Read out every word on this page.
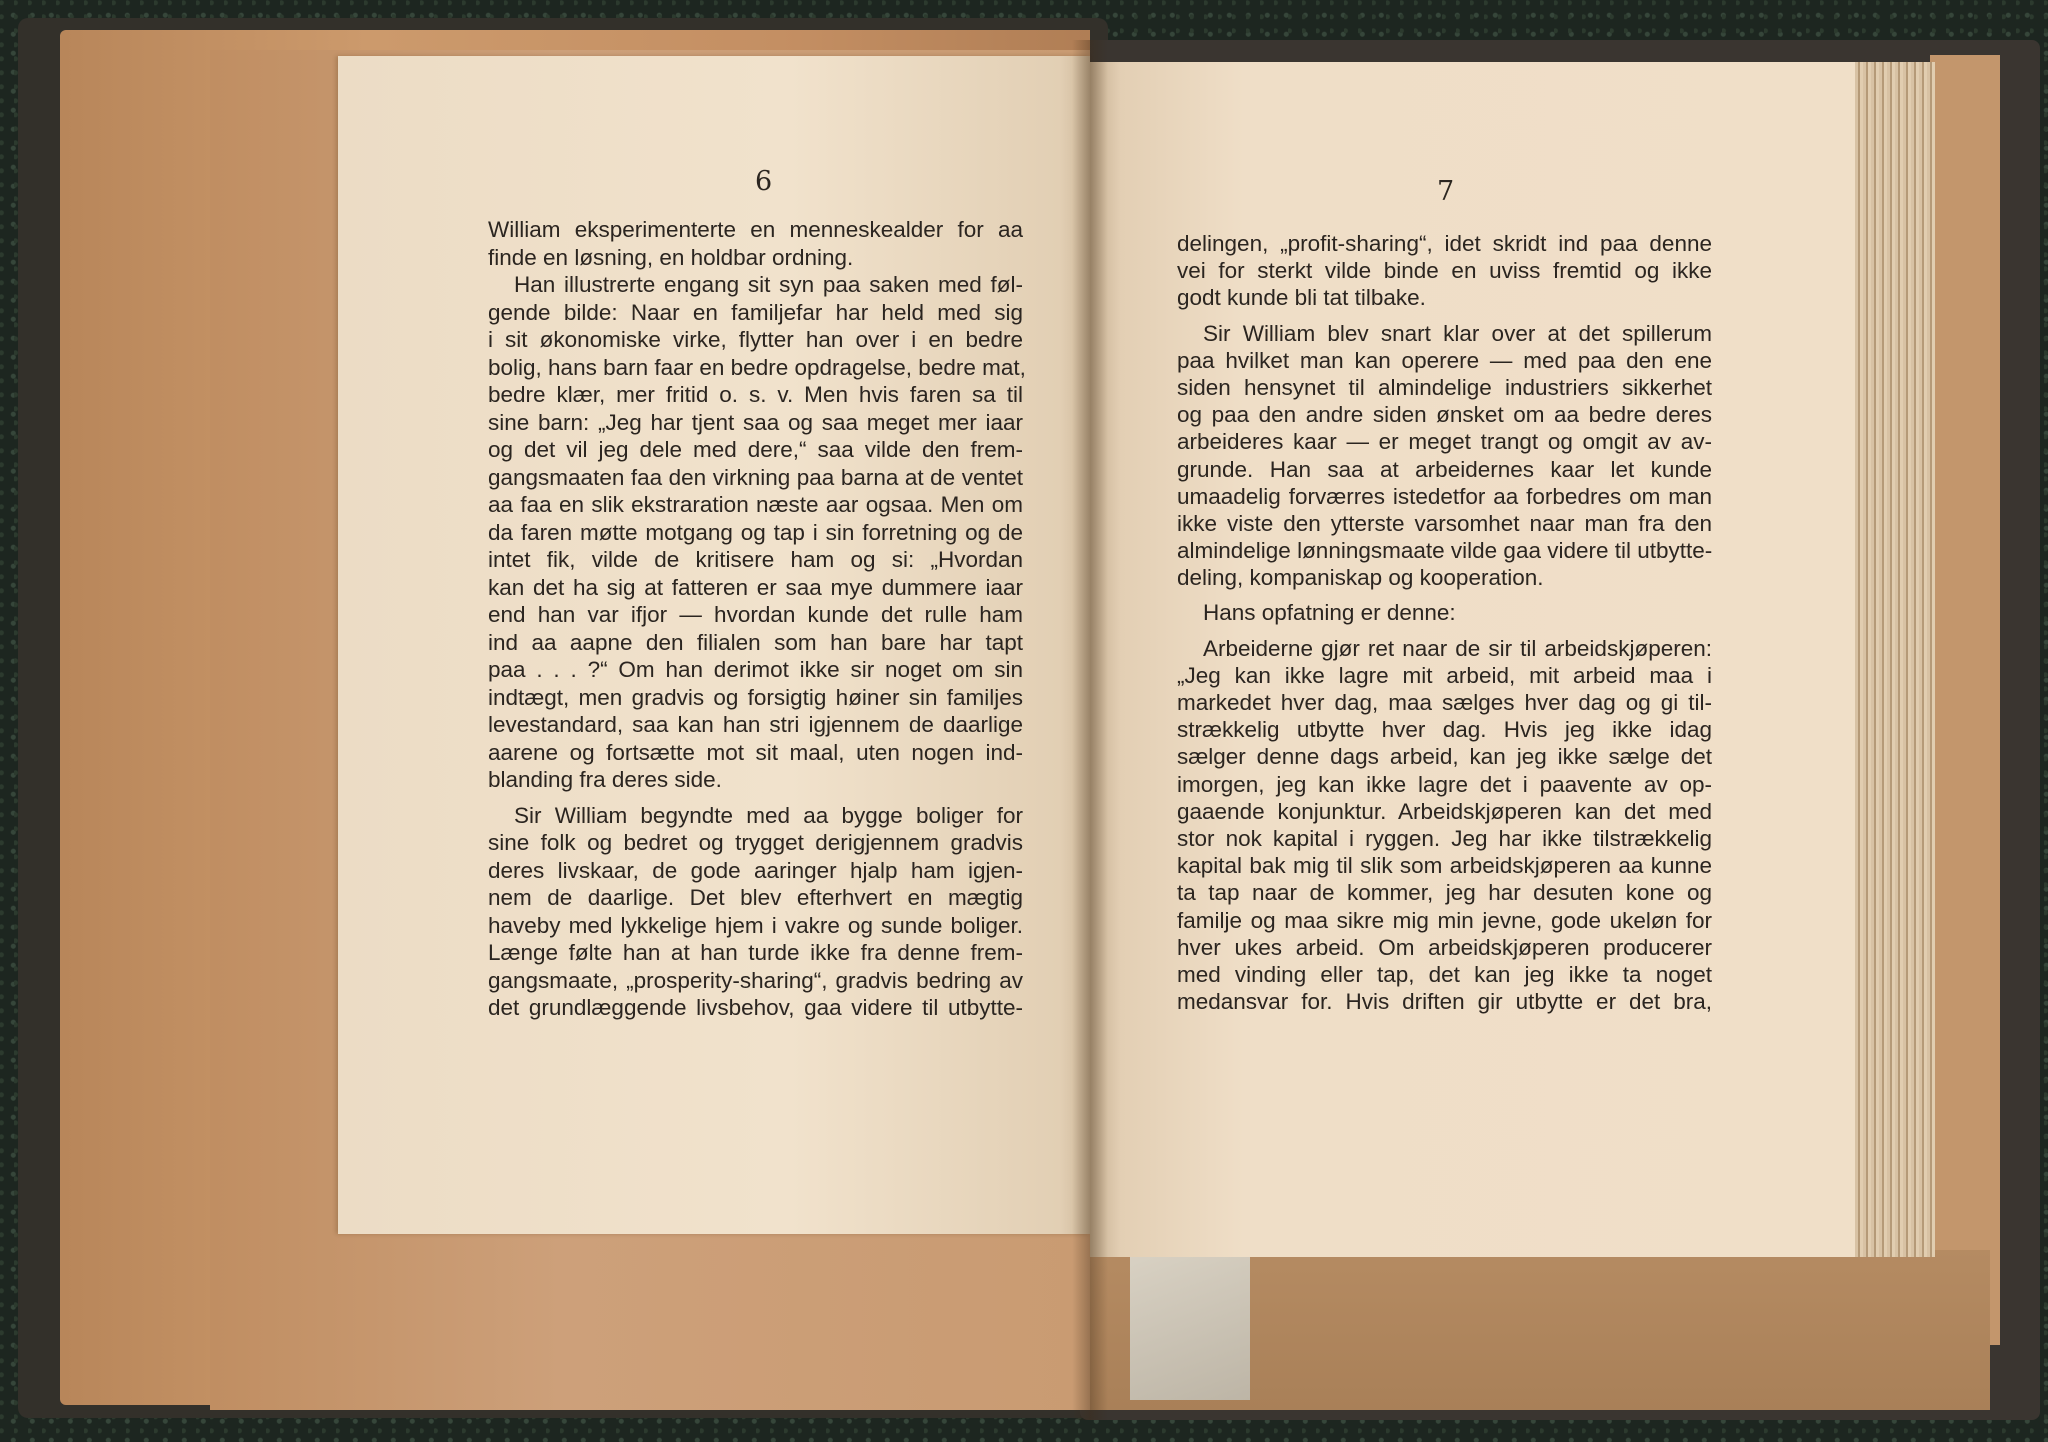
6	7
William eksperimenterte en menneskealder for aa
finde en løsning, en holdbar ordning.
Han illustrerte engang sit syn paa saken med føl-
gende bilde: Naar en familjefar har held med sig
i sit økonomiske virke, flytter han over i en bedre
bolig, hans barn faar en bedre opdragelse, bedre mat,
bedre klær, mer fritid o. s. v. Men hvis faren sa til
sine barn: „Jeg har tjent saa og saa meget mer iaar
og det vil jeg dele med dere,“ saa vilde den frem-
gangsmaaten faa den virkning paa barna at de ventet
aa faa en slik ekstraration næste aar ogsaa. Men om
da faren møtte motgang og tap i sin forretning og de
intet fik, vilde de kritisere ham og si: „Hvordan
kan det ha sig at fatteren er saa mye dummere iaar
end han var ifjor — hvordan kunde det rulle ham
ind aa aapne den filialen som han bare har tapt
paa . . . ?“ Om han derimot ikke sir noget om sin
indtægt, men gradvis og forsigtig høiner sin familjes
levestandard, saa kan han stri igjennem de daarlige
aarene og fortsætte mot sit maal, uten nogen ind-
blanding fra deres side.
Sir William begyndte med aa bygge boliger for
sine folk og bedret og trygget derigjennem gradvis
deres livskaar, de gode aaringer hjalp ham igjen-
nem de daarlige. Det blev efterhvert en mægtig
haveby med lykkelige hjem i vakre og sunde boliger.
Længe følte han at han turde ikke fra denne frem-
gangsmaate, „prosperity-sharing“, gradvis bedring av
det grundlæggende livsbehov, gaa videre til utbytte-
delingen, „profit-sharing“, idet skridt ind paa denne
vei for sterkt vilde binde en uviss fremtid og ikke
godt kunde bli tat tilbake.
Sir William blev snart klar over at det spillerum
paa hvilket man kan operere — med paa den ene
siden hensynet til almindelige industriers sikkerhet
og paa den andre siden ønsket om aa bedre deres
arbeideres kaar — er meget trangt og omgit av av-
grunde. Han saa at arbeidernes kaar let kunde
umaadelig forværres istedetfor aa forbedres om man
ikke viste den ytterste varsomhet naar man fra den
almindelige lønningsmaate vilde gaa videre til utbytte-
deling, kompaniskap og kooperation.
Hans opfatning er denne:
Arbeiderne gjør ret naar de sir til arbeidskjøperen:
„Jeg kan ikke lagre mit arbeid, mit arbeid maa i
markedet hver dag, maa sælges hver dag og gi til-
strækkelig utbytte hver dag. Hvis jeg ikke idag
sælger denne dags arbeid, kan jeg ikke sælge det
imorgen, jeg kan ikke lagre det i paavente av op-
gaaende konjunktur. Arbeidskjøperen kan det med
stor nok kapital i ryggen. Jeg har ikke tilstrækkelig
kapital bak mig til slik som arbeidskjøperen aa kunne
ta tap naar de kommer, jeg har desuten kone og
familje og maa sikre mig min jevne, gode ukeløn for
hver ukes arbeid. Om arbeidskjøperen producerer
med vinding eller tap, det kan jeg ikke ta noget
medansvar for. Hvis driften gir utbytte er det bra,
